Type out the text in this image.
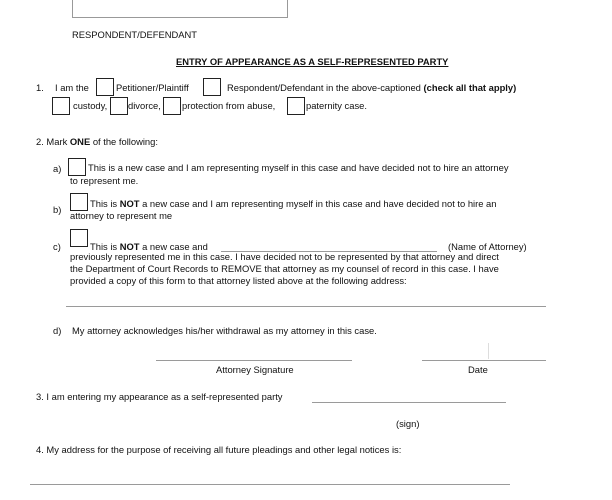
RESPONDENT/DEFENDANT
ENTRY OF APPEARANCE AS A SELF-REPRESENTED PARTY
1. I am the	Petitioner/Plaintiff	Respondent/Defendant in the above-captioned (check all that apply)
custody, divorce, protection from abuse,	paternity case.
2. Mark ONE of the following:
a)	This is a new case and I am representing myself in this case and have decided not to hire an attorney
to represent me.
b)
This is NOT a new case and I am representing myself in this case and have decided not to hire an
attorney to represent me
c)	This is NOT a new case and	(Name of Attorney)
previously represented me in this case. I have decided not to be represented by that attorney and direct
the Department of Court Records to REMOVE that attorney as my counsel of record in this case. I have
provided a copy of this form to that attorney listed above at the following address:
d) My attorney acknowledges his/her withdrawal as my attorney in this case.
Attorney Signature	Date
3. I am entering my appearance as a self-represented party
(sign)
4. My address for the purpose of receiving all future pleadings and other legal notices is:
